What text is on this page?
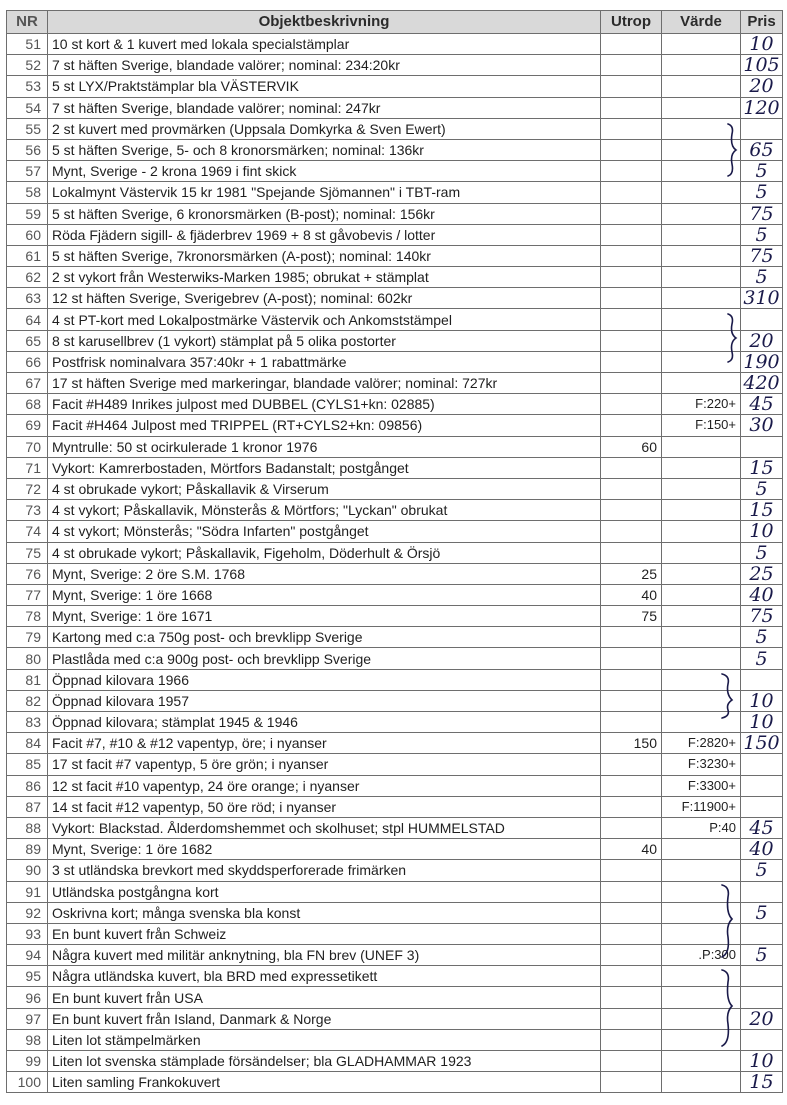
NR	Objektbeskrivning	Utrop	Värde	Pris
51	10 st kort & 1 kuvert med lokala specialstämplar			10
52	7 st häften Sverige, blandade valörer; nominal: 234:20kr			105
53	5 st LYX/Praktstämplar bla VÄSTERVIK			20
54	7 st häften Sverige, blandade valörer; nominal: 247kr			120
55	2 st kuvert med provmärken (Uppsala Domkyrka & Sven Ewert)			
56	5 st häften Sverige, 5- och 8 kronorsmärken; nominal: 136kr			65
57	Mynt, Sverige - 2 krona 1969 i fint skick			5
58	Lokalmynt Västervik 15 kr 1981 "Spejande Sjömannen" i TBT-ram			5
59	5 st häften Sverige, 6 kronorsmärken (B-post); nominal: 156kr			75
60	Röda Fjädern sigill- & fjäderbrev 1969 + 8 st gåvobevis / lotter			5
61	5 st häften Sverige, 7kronorsmärken (A-post); nominal: 140kr			75
62	2 st vykort från Westerwiks-Marken 1985; obrukat + stämplat			5
63	12 st häften Sverige, Sverigebrev (A-post); nominal: 602kr			310
64	4 st PT-kort med Lokalpostmärke Västervik och Ankomststämpel			
65	8 st karusellbrev (1 vykort) stämplat på 5 olika postorter			20
66	Postfrisk nominalvara 357:40kr + 1 rabattmärke			190
67	17 st häften Sverige med markeringar, blandade valörer; nominal: 727kr			420
68	Facit #H489 Inrikes julpost med DUBBEL (CYLS1+kn: 02885)		F:220+	45
69	Facit #H464 Julpost med TRIPPEL (RT+CYLS2+kn: 09856)		F:150+	30
70	Myntrulle: 50 st ocirkulerade 1 kronor 1976	60		
71	Vykort: Kamrerbostaden, Mörtfors Badanstalt; postgånget			15
72	4 st obrukade vykort; Påskallavik & Virserum			5
73	4 st vykort; Påskallavik, Mönsterås & Mörtfors; "Lyckan" obrukat			15
74	4 st vykort; Mönsterås; "Södra Infarten" postgånget			10
75	4 st obrukade vykort; Påskallavik, Figeholm, Döderhult & Örsjö			5
76	Mynt, Sverige: 2 öre S.M. 1768	25		25
77	Mynt, Sverige: 1 öre 1668	40		40
78	Mynt, Sverige: 1 öre 1671	75		75
79	Kartong med c:a 750g post- och brevklipp Sverige			5
80	Plastlåda med c:a 900g post- och brevklipp Sverige			5
81	Öppnad kilovara 1966			
82	Öppnad kilovara 1957			10
83	Öppnad kilovara; stämplat 1945 & 1946			10
84	Facit #7, #10 & #12 vapentyp, öre; i nyanser	150	F:2820+	150
85	17 st facit #7 vapentyp, 5 öre grön; i nyanser		F:3230+	
86	12 st facit #10 vapentyp, 24 öre orange; i nyanser		F:3300+	
87	14 st facit #12 vapentyp, 50 öre röd; i nyanser		F:11900+	
88	Vykort: Blackstad. Ålderdomshemmet och skolhuset; stpl HUMMELSTAD		P:40	45
89	Mynt, Sverige: 1 öre 1682	40		40
90	3 st utländska brevkort med skyddsperforerade frimärken			5
91	Utländska postgångna kort			
92	Oskrivna kort; många svenska bla konst			5
93	En bunt kuvert från Schweiz			
94	Några kuvert med militär anknytning, bla FN brev (UNEF 3)		.P:300	5
95	Några utländska kuvert, bla BRD med expressetikett			
96	En bunt kuvert från USA			
97	En bunt kuvert från Island, Danmark & Norge			20
98	Liten lot stämpelmärken			
99	Liten lot svenska stämplade försändelser; bla GLADHAMMAR 1923			10
100	Liten samling Frankokuvert			15
